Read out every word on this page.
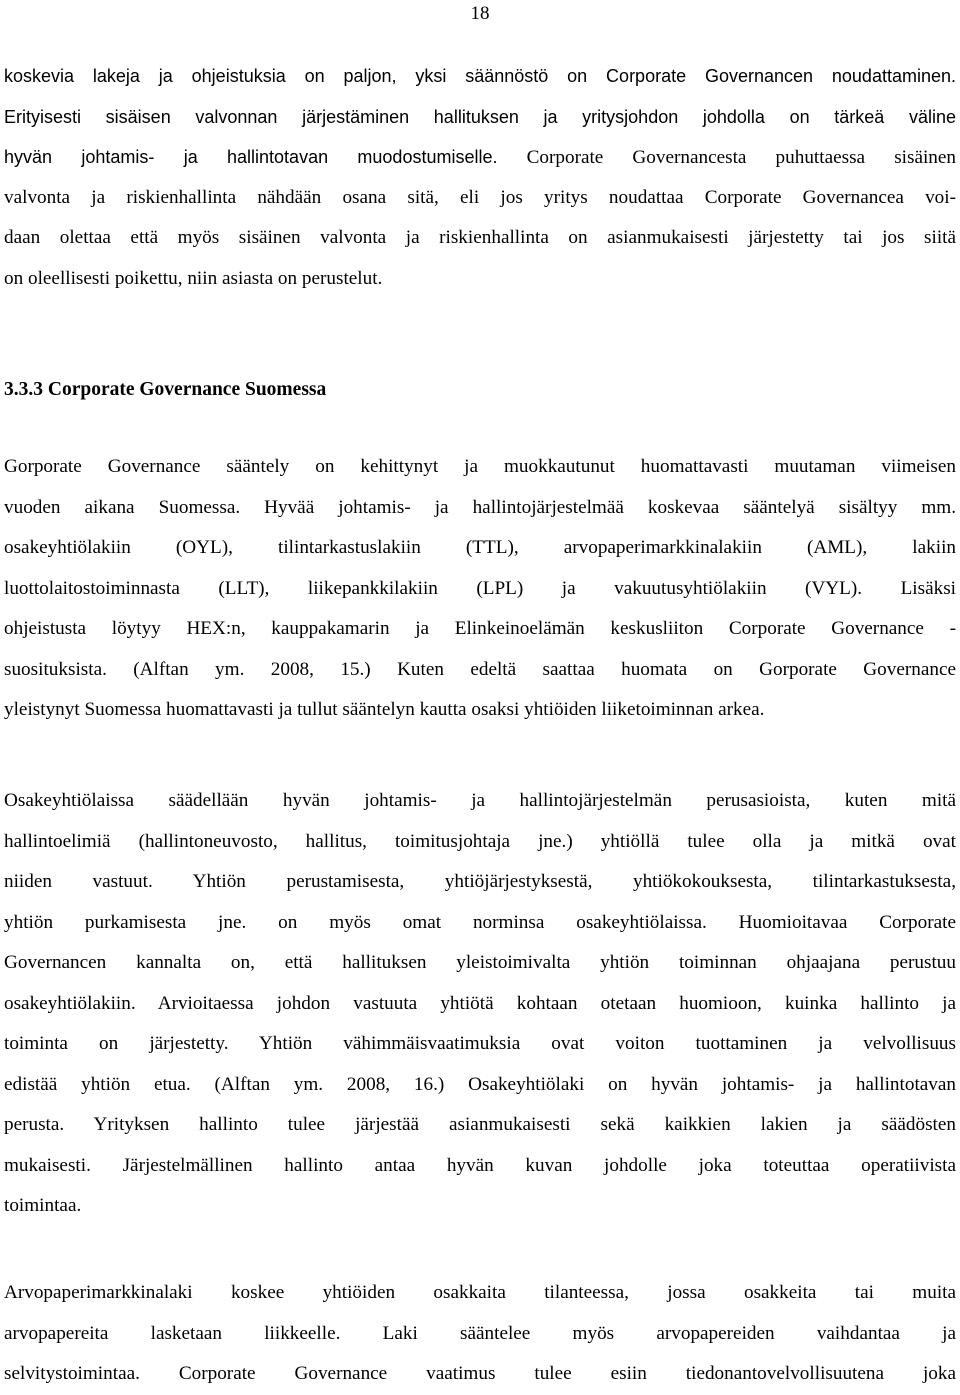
18
koskevia lakeja ja ohjeistuksia on paljon, yksi säännöstö on Corporate Governancen noudattaminen.
Erityisesti sisäisen valvonnan järjestäminen hallituksen ja yritysjohdon johdolla on tärkeä väline
hyvän johtamis- ja hallintotavan muodostumiselle. Corporate Governancesta puhuttaessa sisäinen
valvonta ja riskienhallinta nähdään osana sitä, eli jos yritys noudattaa Corporate Governancea voi-
daan olettaa että myös sisäinen valvonta ja riskienhallinta on asianmukaisesti järjestetty tai jos siitä
on oleellisesti poikettu, niin asiasta on perustelut.
3.3.3 Corporate Governance Suomessa
Gorporate Governance sääntely on kehittynyt ja muokkautunut huomattavasti muutaman viimeisen
vuoden aikana Suomessa. Hyvää johtamis- ja hallintojärjestelmää koskevaa sääntelyä sisältyy mm.
osakeyhtiölakiin (OYL), tilintarkastuslakiin (TTL), arvopaperimarkkinalakiin (AML), lakiin
luottolaitostoiminnasta (LLT), liikepankkilakiin (LPL) ja vakuutusyhtiölakiin (VYL). Lisäksi
ohjeistusta löytyy HEX:n, kauppakamarin ja Elinkeinoelämän keskusliiton Corporate Governance -
suosituksista. (Alftan ym. 2008, 15.) Kuten edeltä saattaa huomata on Gorporate Governance
yleistynyt Suomessa huomattavasti ja tullut sääntelyn kautta osaksi yhtiöiden liiketoiminnan arkea.
Osakeyhtiölaissa säädellään hyvän johtamis- ja hallintojärjestelmän perusasioista, kuten mitä
hallintoelimiä (hallintoneuvosto, hallitus, toimitusjohtaja jne.) yhtiöllä tulee olla ja mitkä ovat
niiden vastuut. Yhtiön perustamisesta, yhtiöjärjestyksestä, yhtiökokouksesta, tilintarkastuksesta,
yhtiön purkamisesta jne. on myös omat norminsa osakeyhtiölaissa. Huomioitavaa Corporate
Governancen kannalta on, että hallituksen yleistoimivalta yhtiön toiminnan ohjaajana perustuu
osakeyhtiölakiin. Arvioitaessa johdon vastuuta yhtiötä kohtaan otetaan huomioon, kuinka hallinto ja
toiminta on järjestetty. Yhtiön vähimmäisvaatimuksia ovat voiton tuottaminen ja velvollisuus
edistää yhtiön etua. (Alftan ym. 2008, 16.) Osakeyhtiölaki on hyvän johtamis- ja hallintotavan
perusta. Yrityksen hallinto tulee järjestää asianmukaisesti sekä kaikkien lakien ja säädösten
mukaisesti. Järjestelmällinen hallinto antaa hyvän kuvan johdolle joka toteuttaa operatiivista
toimintaa.
Arvopaperimarkkinalaki koskee yhtiöiden osakkaita tilanteessa, jossa osakkeita tai muita
arvopapereita lasketaan liikkeelle. Laki sääntelee myös arvopapereiden vaihdantaa ja
selvitystoimintaa. Corporate Governance vaatimus tulee esiin tiedonantovelvollisuutena joka
